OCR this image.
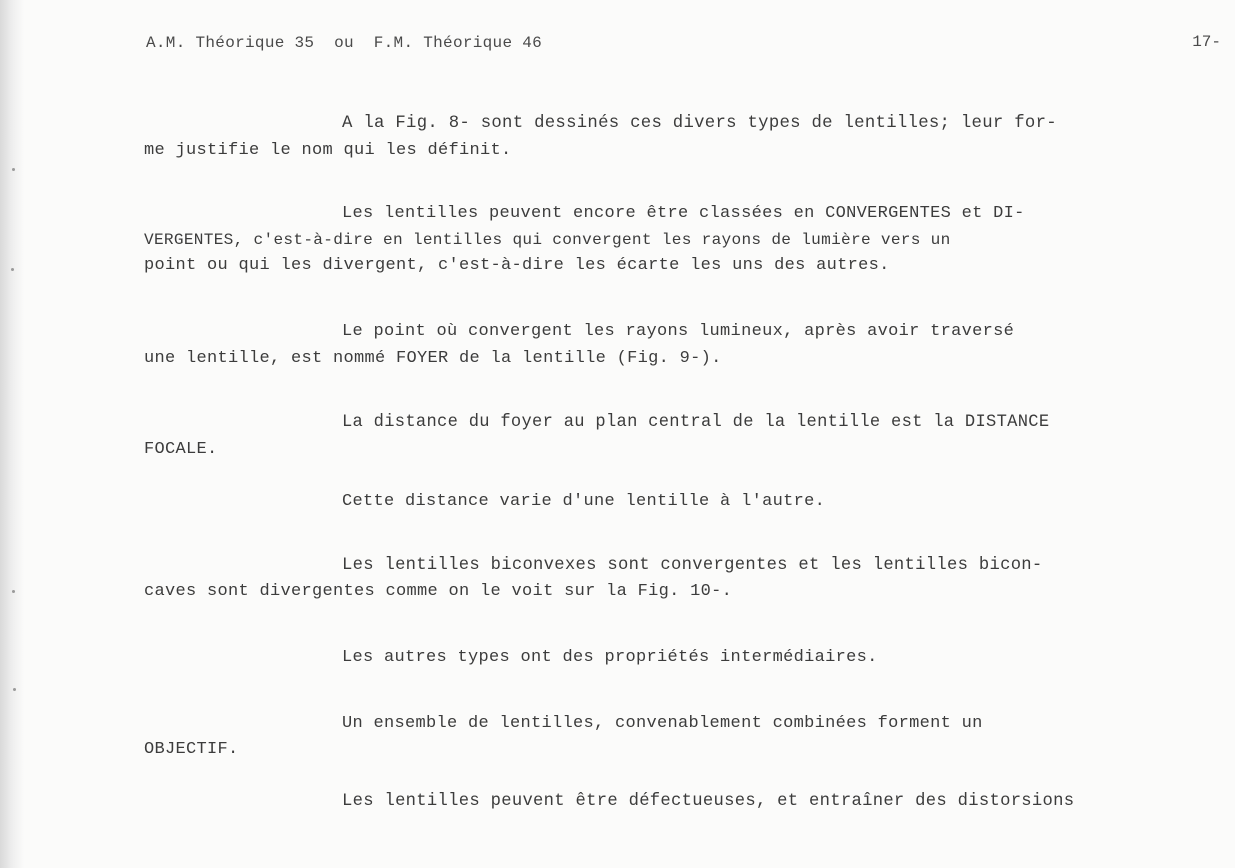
A.M. Théorique 35  ou  F.M. Théorique 46	17-
A la Fig. 8- sont dessinés ces divers types de lentilles; leur for-
me justifie le nom qui les définit.
Les lentilles peuvent encore être classées en CONVERGENTES et DI-
VERGENTES, c'est-à-dire en lentilles qui convergent les rayons de lumière vers un
point ou qui les divergent, c'est-à-dire les écarte les uns des autres.
Le point où convergent les rayons lumineux, après avoir traversé
une lentille, est nommé FOYER de la lentille (Fig. 9-).
La distance du foyer au plan central de la lentille est la DISTANCE
FOCALE.
Cette distance varie d'une lentille à l'autre.
Les lentilles biconvexes sont convergentes et les lentilles bicon-
caves sont divergentes comme on le voit sur la Fig. 10-.
Les autres types ont des propriétés intermédiaires.
Un ensemble de lentilles, convenablement combinées forment un
OBJECTIF.
Les lentilles peuvent être défectueuses, et entraîner des distorsions
